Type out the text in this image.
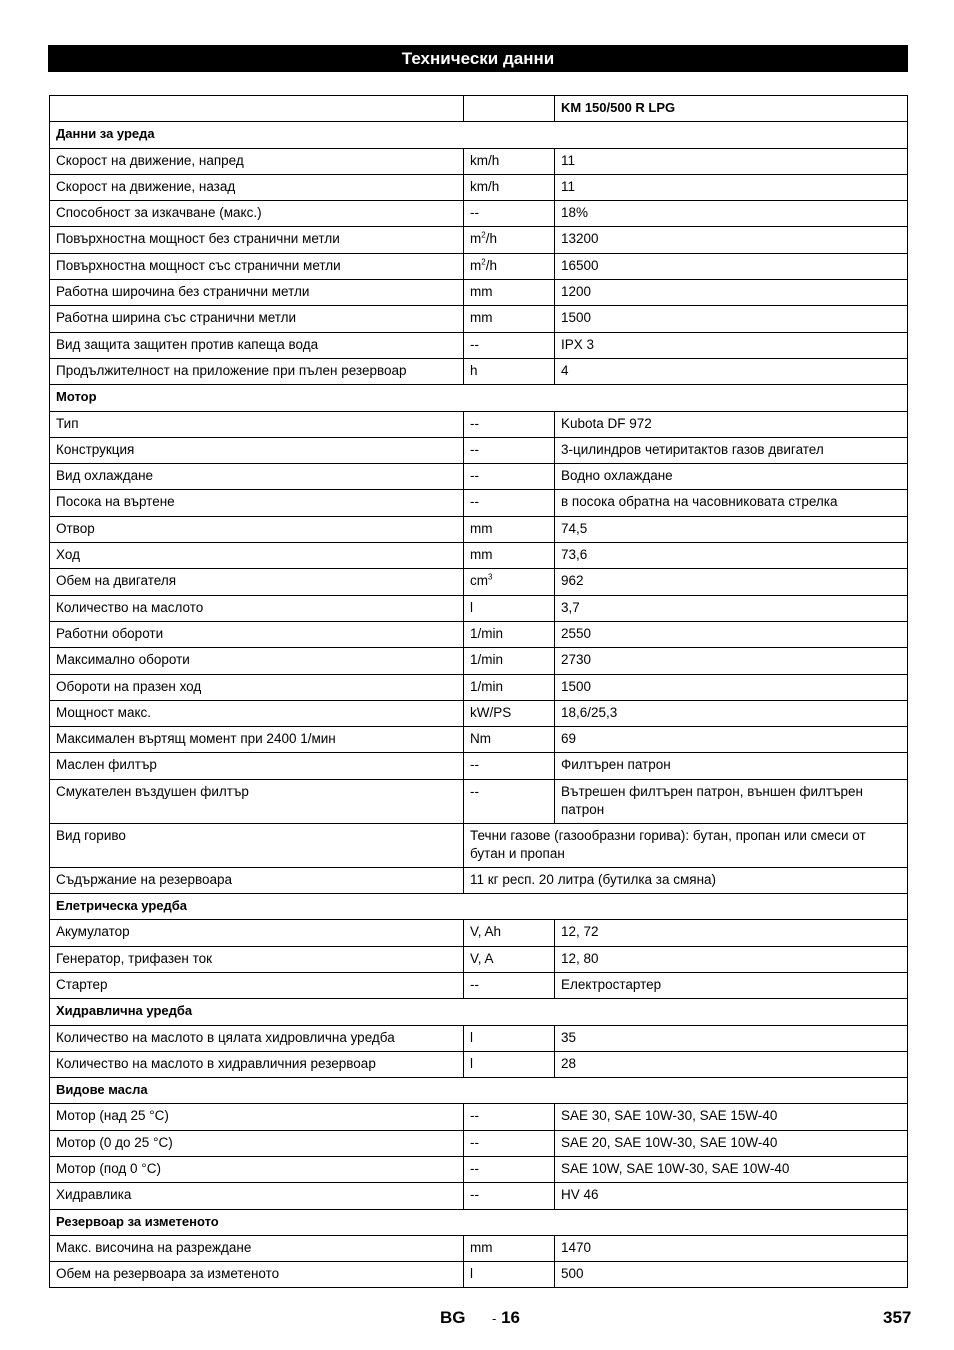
Технически данни
		KM 150/500 R LPG
Данни за уреда		
Скорост на движение, напред	km/h	11
Скорост на движение, назад	km/h	11
Способност за изкачване (макс.)	--	18%
Повърхностна мощност без странични метли	$m^2/h$	13200
Повърхностна мощност със странични метли	$m^2/h$	16500
Работна широчина без странични метли	mm	1200
Работна ширина със странични метли	mm	1500
Вид защита защитен против капеща вода	--	IPX 3
Продължителност на приложение при пълен резервоар	h	4
Мотор		
Тип	--	Kubota DF 972
Конструкция	--	3-цилиндров четиритактов газов двигател
Вид охлаждане	--	Водно охлаждане
Посока на въртене	--	в посока обратна на часовниковата стрелка
Отвор	mm	74,5
Ход	mm	73,6
Обем на двигателя	$cm^3$	962
Количество на маслото	l	3,7
Работни обороти	1/min	2550
Максимално обороти	1/min	2730
Обороти на празен ход	1/min	1500
Мощност макс.	kW/PS	18,6/25,3
Максимален въртящ момент при 2400 1/мин	Nm	69
Маслен филтър	--	Филтърен патрон
Смукателен въздушен филтър	--	Вътрешен филтърен патрон, външен филтърен патрон
Вид гориво	Течни газове (газообразни горива): бутан, пропан или смеси от бутан и пропан	
Съдържание на резервоара	11 кг респ. 20 литра (бутилка за смяна)	
Елетрическа уредба		
Акумулатор	V, Ah	12, 72
Генератор, трифазен ток	V, A	12, 80
Стартер	--	Електростартер
Хидравлична уредба		
Количество на маслото в цялата хидровлична уредба	l	35
Количество на маслото в хидравличния резервоар	l	28
Видове масла		
Мотор (над 25 °C)	--	SAE 30, SAE 10W-30, SAE 15W-40
Мотор (0 до 25 °C)	--	SAE 20, SAE 10W-30, SAE 10W-40
Мотор (под 0 °C)	--	SAE 10W, SAE 10W-30, SAE 10W-40
Хидравлика	--	HV 46
Резервоар за изметеното		
Макс. височина на разреждане	mm	1470
Обем на резервоара за изметеното	l	500
BG - 16	357
